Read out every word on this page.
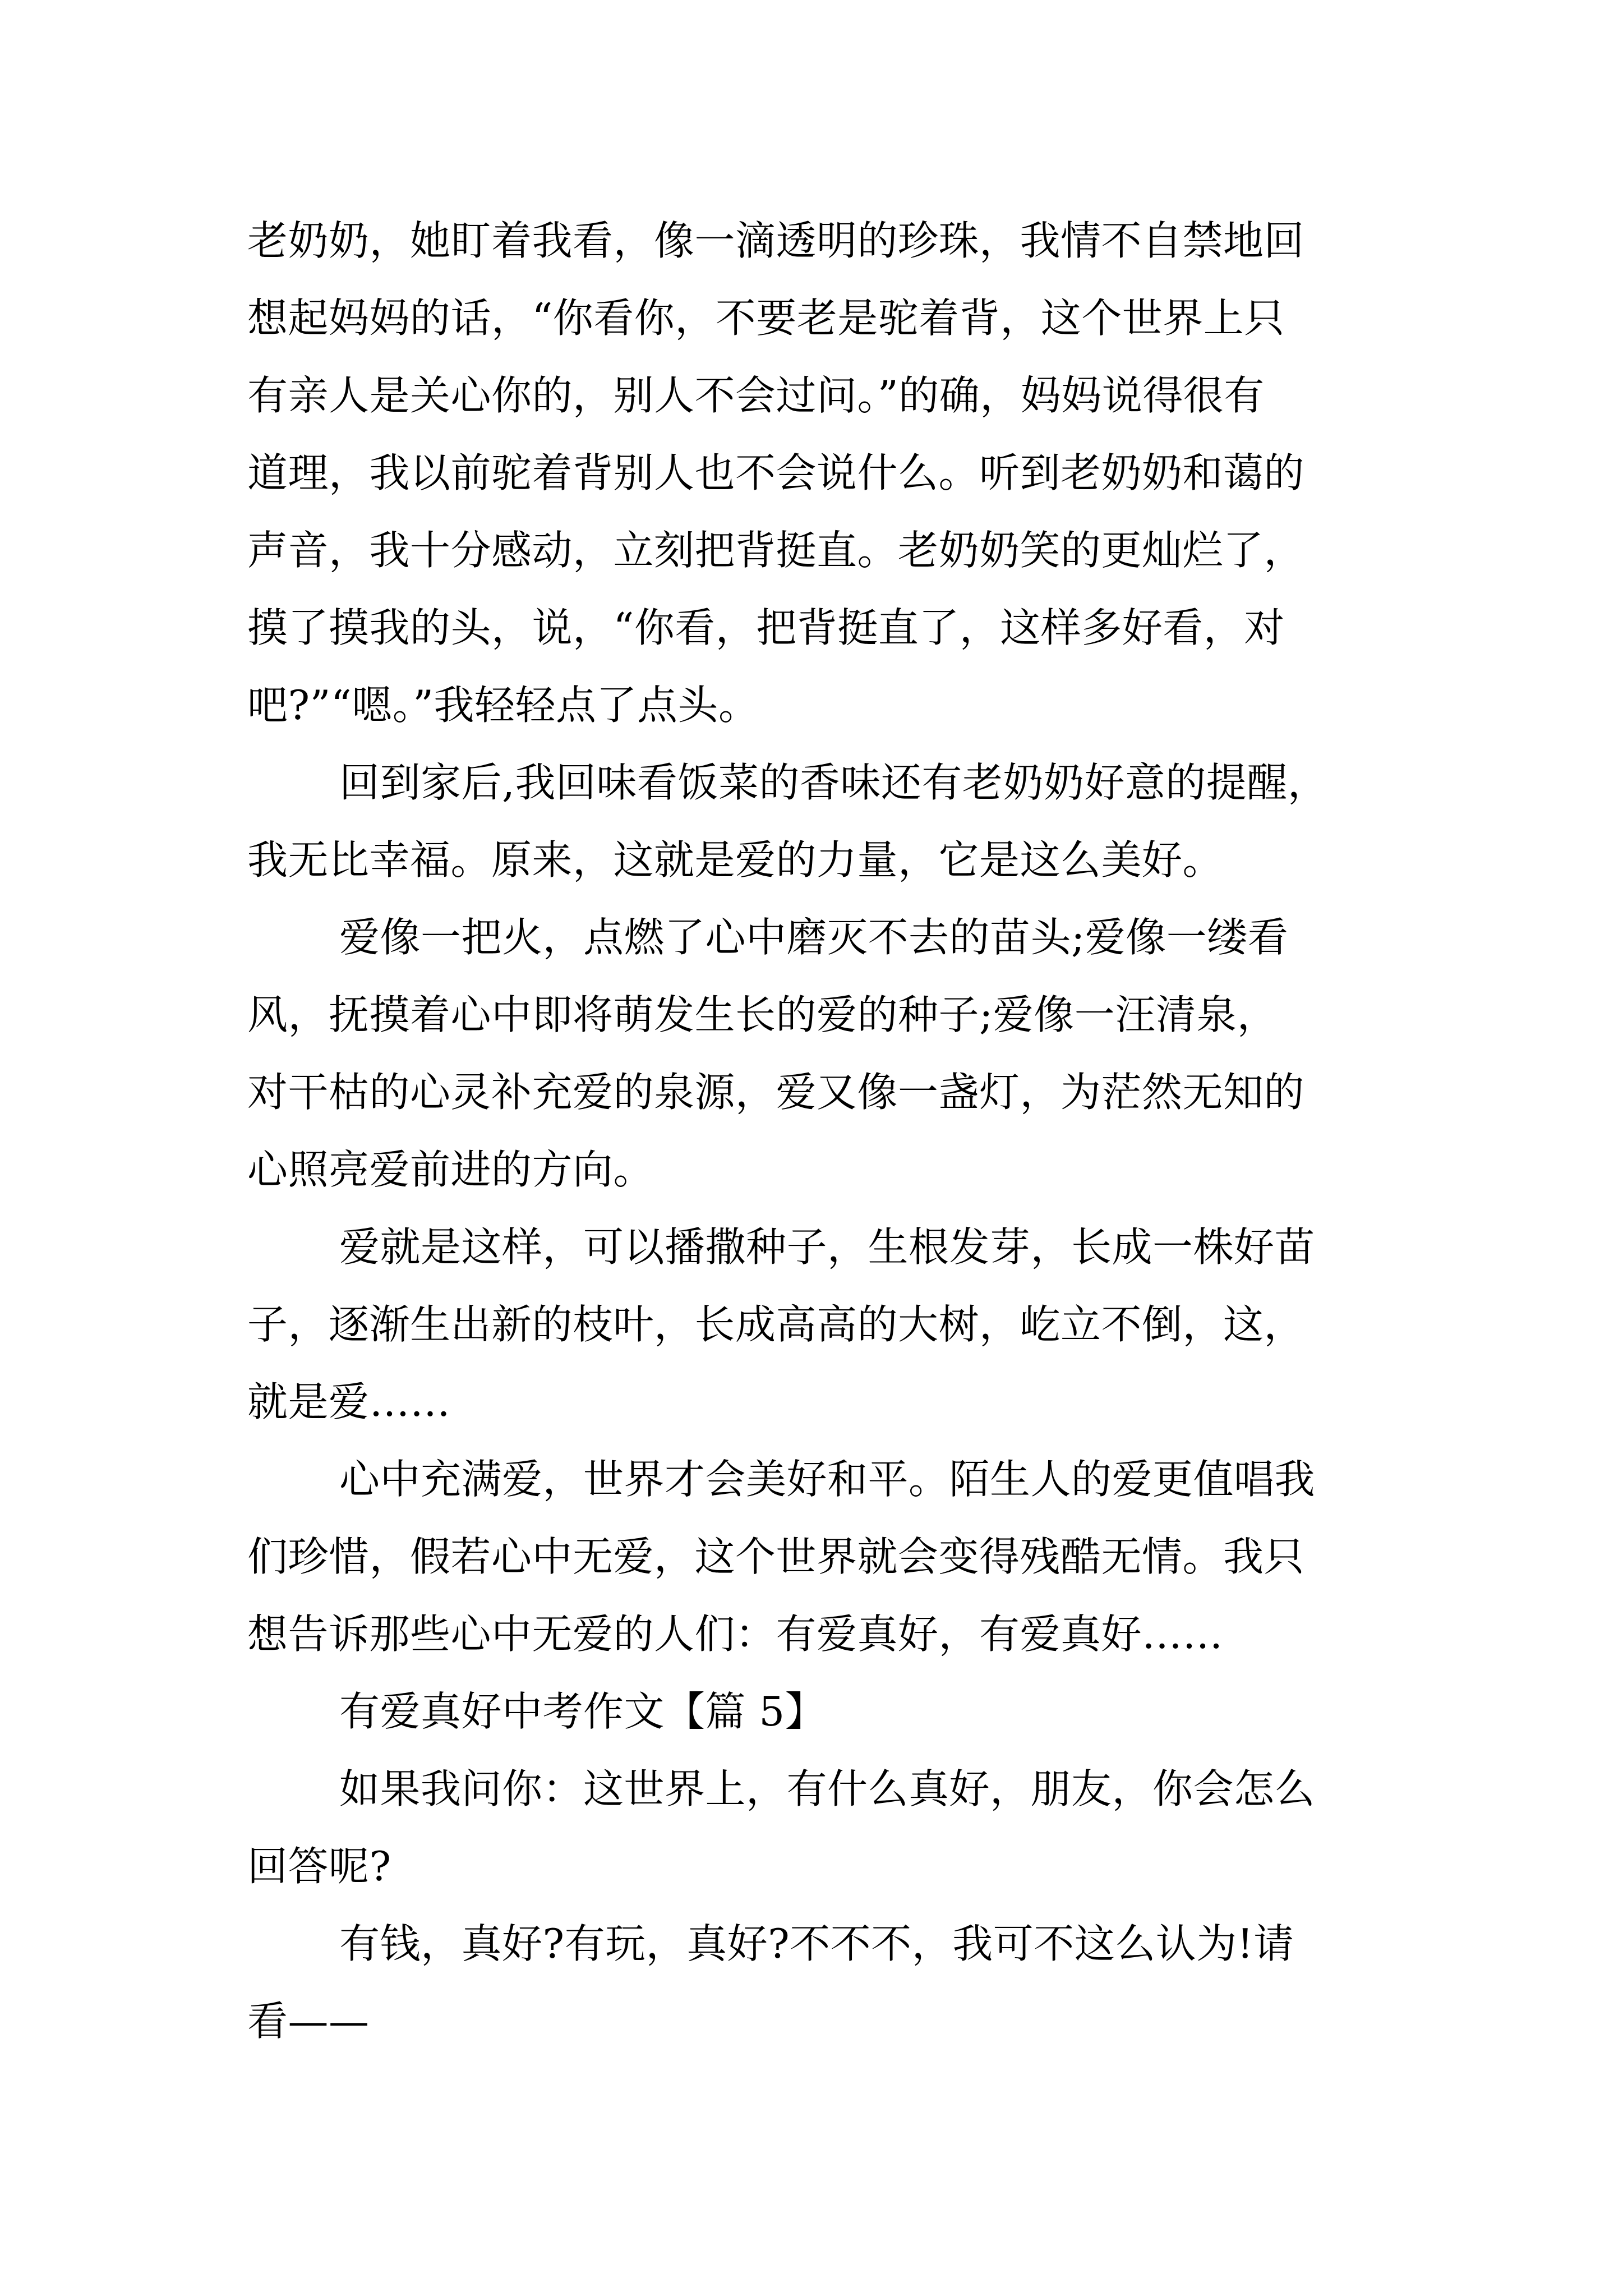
老奶奶，她盯着我看，像一滴透明的珍珠，我情不自禁地回
想起妈妈的话，“你看你，不要老是驼着背，这个世界上只
有亲人是关心你的，别人不会过问。”的确，妈妈说得很有
道理，我以前驼着背别人也不会说什么。听到老奶奶和蔼的
声音，我十分感动，立刻把背挺直。老奶奶笑的更灿烂了，
摸了摸我的头，说，“你看，把背挺直了，这样多好看，对
吧?”“嗯。”我轻轻点了点头。
回到家后,我回味看饭菜的香味还有老奶奶好意的提醒，
我无比幸福。原来，这就是爱的力量，它是这么美好。
爱像一把火，点燃了心中磨灭不去的苗头;爱像一缕看
风，抚摸着心中即将萌发生长的爱的种子;爱像一汪清泉，
对干枯的心灵补充爱的泉源，爱又像一盏灯，为茫然无知的
心照亮爱前进的方向。
爱就是这样，可以播撒种子，生根发芽，长成一株好苗
子，逐渐生出新的枝叶，长成高高的大树，屹立不倒，这，
就是爱……
心中充满爱，世界才会美好和平。陌生人的爱更值唱我
们珍惜，假若心中无爱，这个世界就会变得残酷无情。我只
想告诉那些心中无爱的人们：有爱真好，有爱真好……
有爱真好中考作文【篇 5】
如果我问你：这世界上，有什么真好，朋友，你会怎么
回答呢?
有钱，真好?有玩，真好?不不不，我可不这么认为!请
看——
